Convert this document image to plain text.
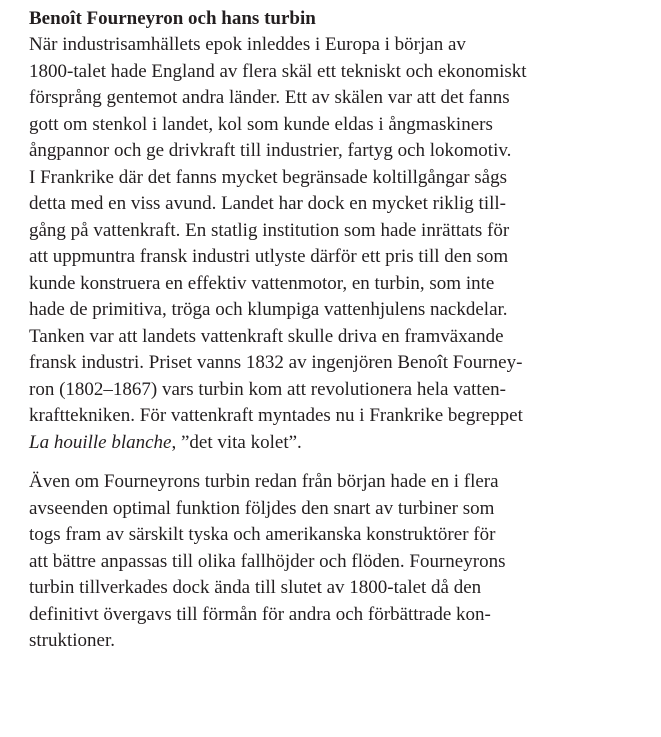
Benoît Fourneyron och hans turbin

När industrisamhällets epok inleddes i Europa i början av
1800-talet hade England av flera skäl ett tekniskt och ekonomiskt
försprång gentemot andra länder. Ett av skälen var att det fanns
gott om stenkol i landet, kol som kunde eldas i ångmaskiners
ångpannor och ge drivkraft till industrier, fartyg och lokomotiv.
I Frankrike där det fanns mycket begränsade koltillgångar sågs
detta med en viss avund. Landet har dock en mycket riklig till-
gång på vattenkraft. En statlig institution som hade inrättats för
att uppmuntra fransk industri utlyste därför ett pris till den som
kunde konstruera en effektiv vattenmotor, en turbin, som inte
hade de primitiva, tröga och klumpiga vattenhjulens nackdelar.
Tanken var att landets vattenkraft skulle driva en framväxande
fransk industri. Priset vanns 1832 av ingenjören Benoît Fourney-
ron (1802–1867) vars turbin kom att revolutionera hela vatten-
krafttekniken. För vattenkraft myntades nu i Frankrike begreppet
La houille blanche, ”det vita kolet”.

Även om Fourneyrons turbin redan från början hade en i flera
avseenden optimal funktion följdes den snart av turbiner som
togs fram av särskilt tyska och amerikanska konstruktörer för
att bättre anpassas till olika fallhöjder och flöden. Fourneyrons
turbin tillverkades dock ända till slutet av 1800-talet då den
definitivt övergavs till förmån för andra och förbättrade kon-
struktioner.
